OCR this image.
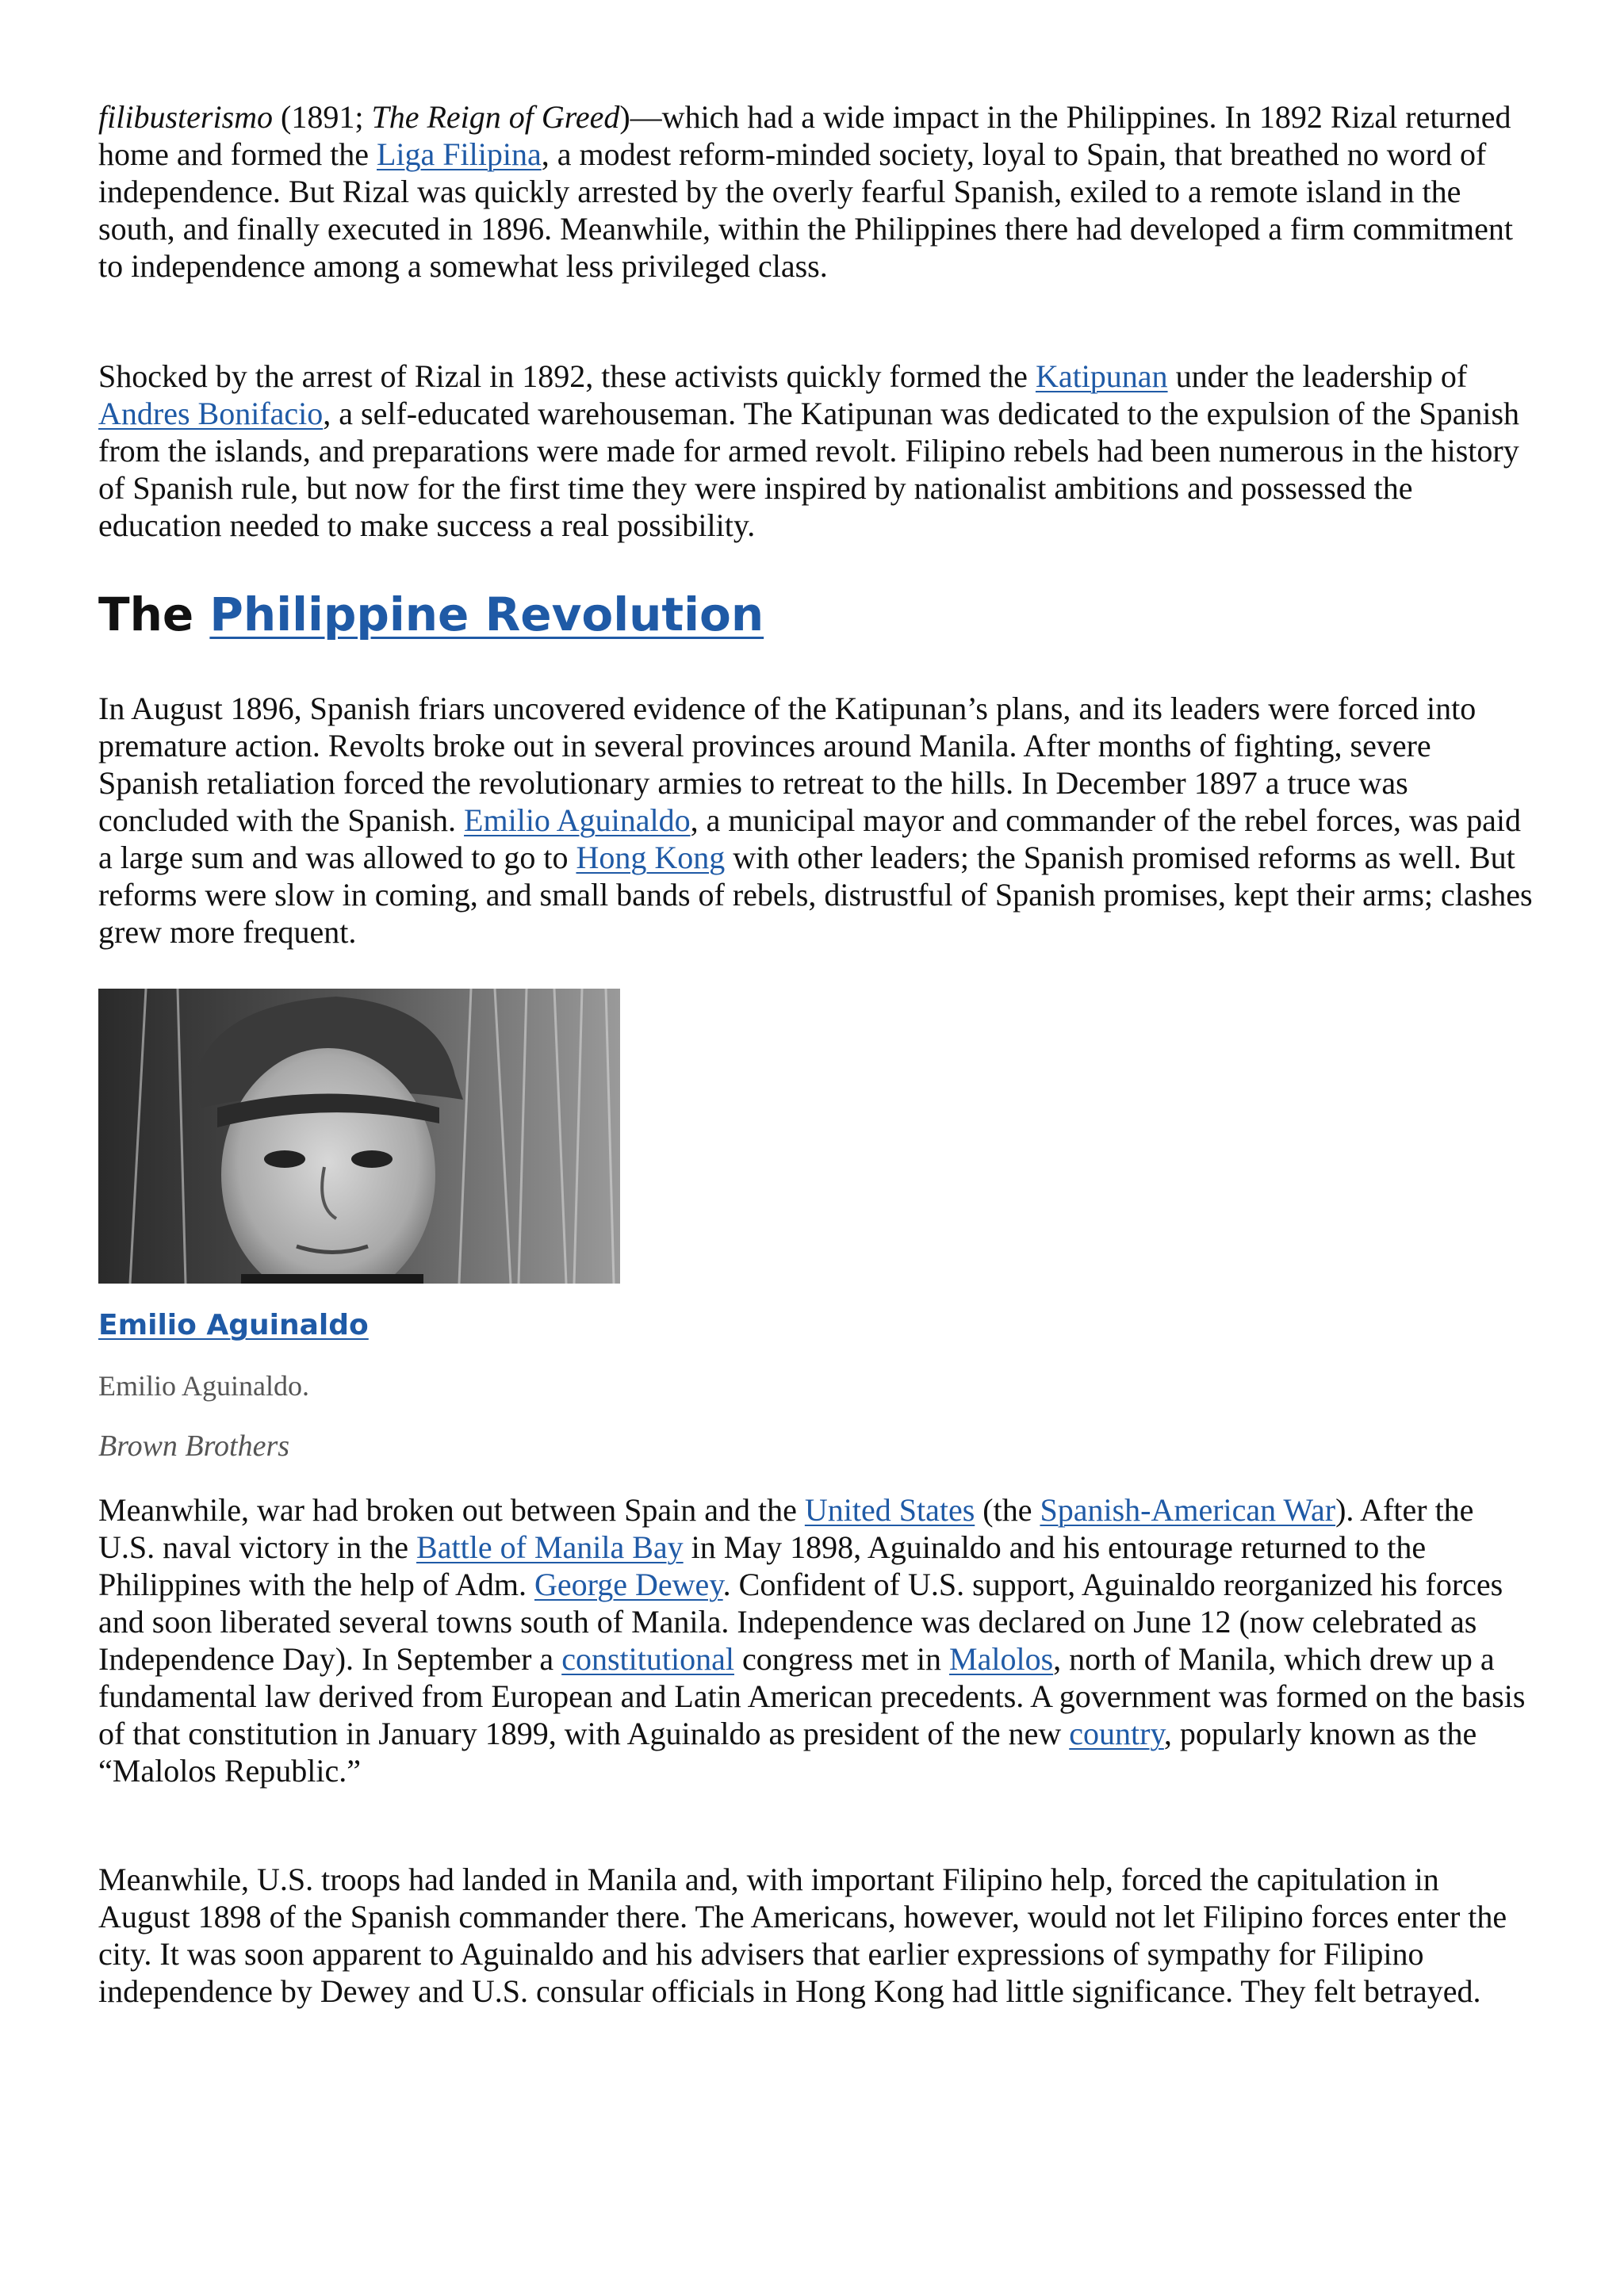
filibusterismo (1891; The Reign of Greed)—which had a wide impact in the Philippines. In 1892 Rizal returned home and formed the Liga Filipina, a modest reform-minded society, loyal to Spain, that breathed no word of independence. But Rizal was quickly arrested by the overly fearful Spanish, exiled to a remote island in the south, and finally executed in 1896. Meanwhile, within the Philippines there had developed a firm commitment to independence among a somewhat less privileged class.

Shocked by the arrest of Rizal in 1892, these activists quickly formed the Katipunan under the leadership of Andres Bonifacio, a self-educated warehouseman. The Katipunan was dedicated to the expulsion of the Spanish from the islands, and preparations were made for armed revolt. Filipino rebels had been numerous in the history of Spanish rule, but now for the first time they were inspired by nationalist ambitions and possessed the education needed to make success a real possibility.

The Philippine Revolution

In August 1896, Spanish friars uncovered evidence of the Katipunan’s plans, and its leaders were forced into premature action. Revolts broke out in several provinces around Manila. After months of fighting, severe Spanish retaliation forced the revolutionary armies to retreat to the hills. In December 1897 a truce was concluded with the Spanish. Emilio Aguinaldo, a municipal mayor and commander of the rebel forces, was paid a large sum and was allowed to go to Hong Kong with other leaders; the Spanish promised reforms as well. But reforms were slow in coming, and small bands of rebels, distrustful of Spanish promises, kept their arms; clashes grew more frequent.

Emilio Aguinaldo

Emilio Aguinaldo.

Brown Brothers

Meanwhile, war had broken out between Spain and the United States (the Spanish-American War). After the U.S. naval victory in the Battle of Manila Bay in May 1898, Aguinaldo and his entourage returned to the Philippines with the help of Adm. George Dewey. Confident of U.S. support, Aguinaldo reorganized his forces and soon liberated several towns south of Manila. Independence was declared on June 12 (now celebrated as Independence Day). In September a constitutional congress met in Malolos, north of Manila, which drew up a fundamental law derived from European and Latin American precedents. A government was formed on the basis of that constitution in January 1899, with Aguinaldo as president of the new country, popularly known as the “Malolos Republic.”

Meanwhile, U.S. troops had landed in Manila and, with important Filipino help, forced the capitulation in August 1898 of the Spanish commander there. The Americans, however, would not let Filipino forces enter the city. It was soon apparent to Aguinaldo and his advisers that earlier expressions of sympathy for Filipino independence by Dewey and U.S. consular officials in Hong Kong had little significance. They felt betrayed.
